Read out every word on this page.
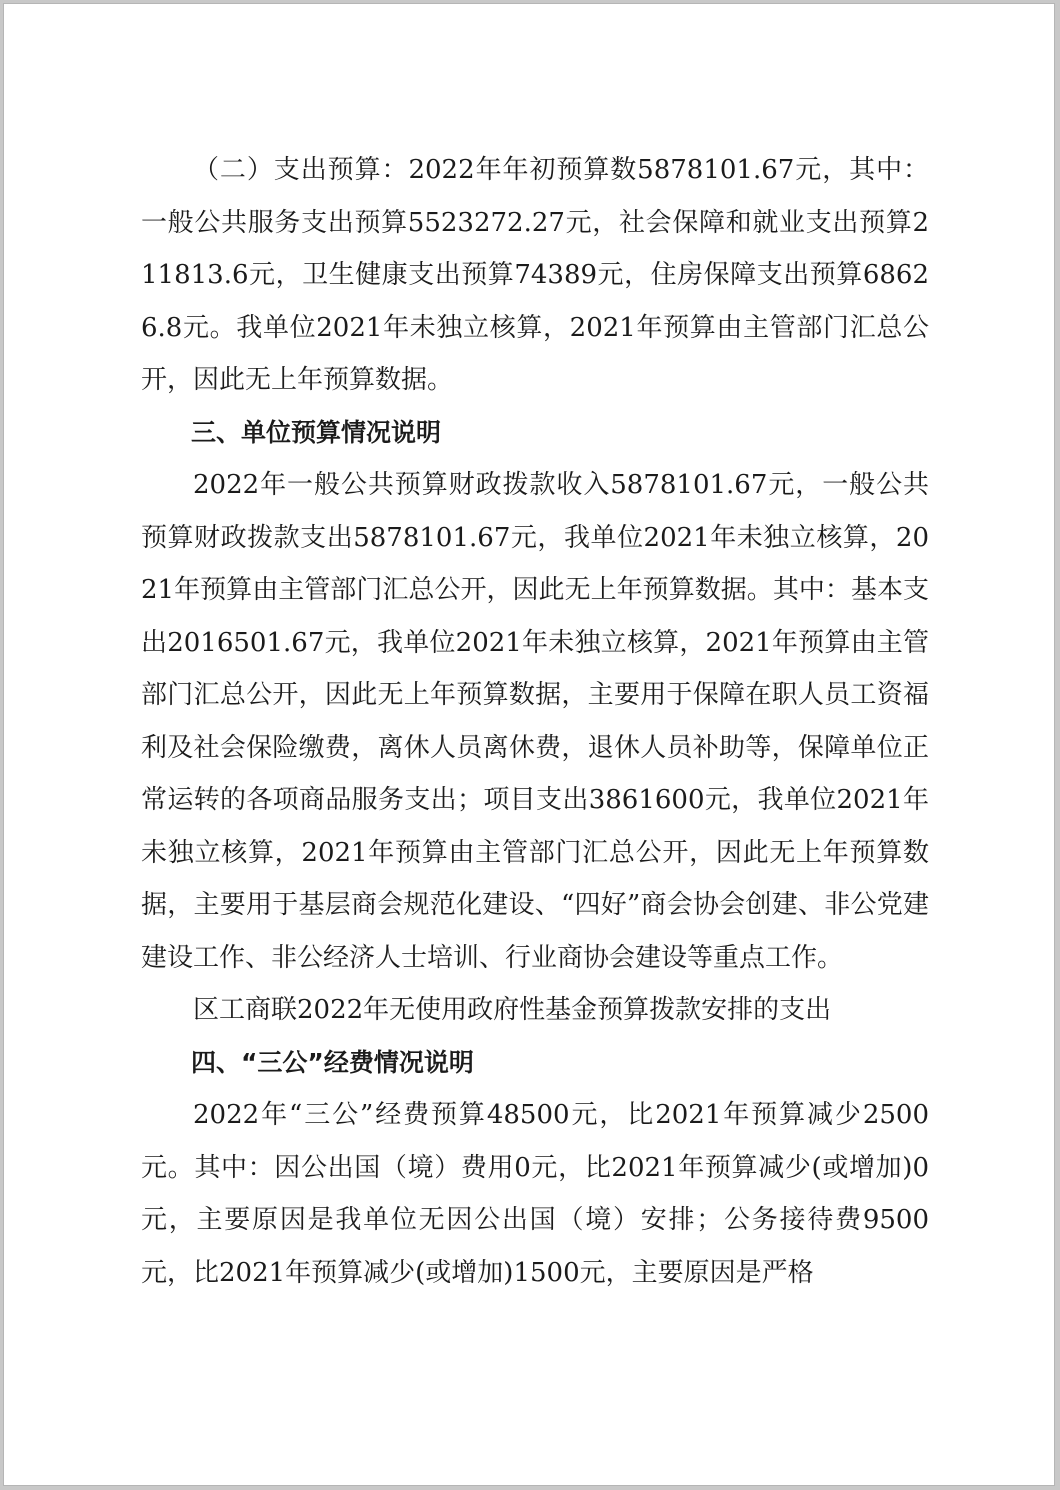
（二）支出预算：2022年年初预算数5878101.67元，其中：一般公共服务支出预算5523272.27元，社会保障和就业支出预算211813.6元，卫生健康支出预算74389元，住房保障支出预算68626.8元。我单位2021年未独立核算，2021年预算由主管部门汇总公开，因此无上年预算数据。

三、单位预算情况说明

2022年一般公共预算财政拨款收入5878101.67元，一般公共预算财政拨款支出5878101.67元，我单位2021年未独立核算，2021年预算由主管部门汇总公开，因此无上年预算数据。其中：基本支出2016501.67元，我单位2021年未独立核算，2021年预算由主管部门汇总公开，因此无上年预算数据，主要用于保障在职人员工资福利及社会保险缴费，离休人员离休费，退休人员补助等，保障单位正常运转的各项商品服务支出；项目支出3861600元，我单位2021年未独立核算，2021年预算由主管部门汇总公开，因此无上年预算数据，主要用于基层商会规范化建设、“四好”商会协会创建、非公党建建设工作、非公经济人士培训、行业商协会建设等重点工作。

区工商联2022年无使用政府性基金预算拨款安排的支出

四、“三公”经费情况说明

2022年“三公”经费预算48500元，比2021年预算减少2500元。其中：因公出国（境）费用0元，比2021年预算减少(或增加)0元，主要原因是我单位无因公出国（境）安排；公务接待费9500元，比2021年预算减少(或增加)1500元，主要原因是严格
